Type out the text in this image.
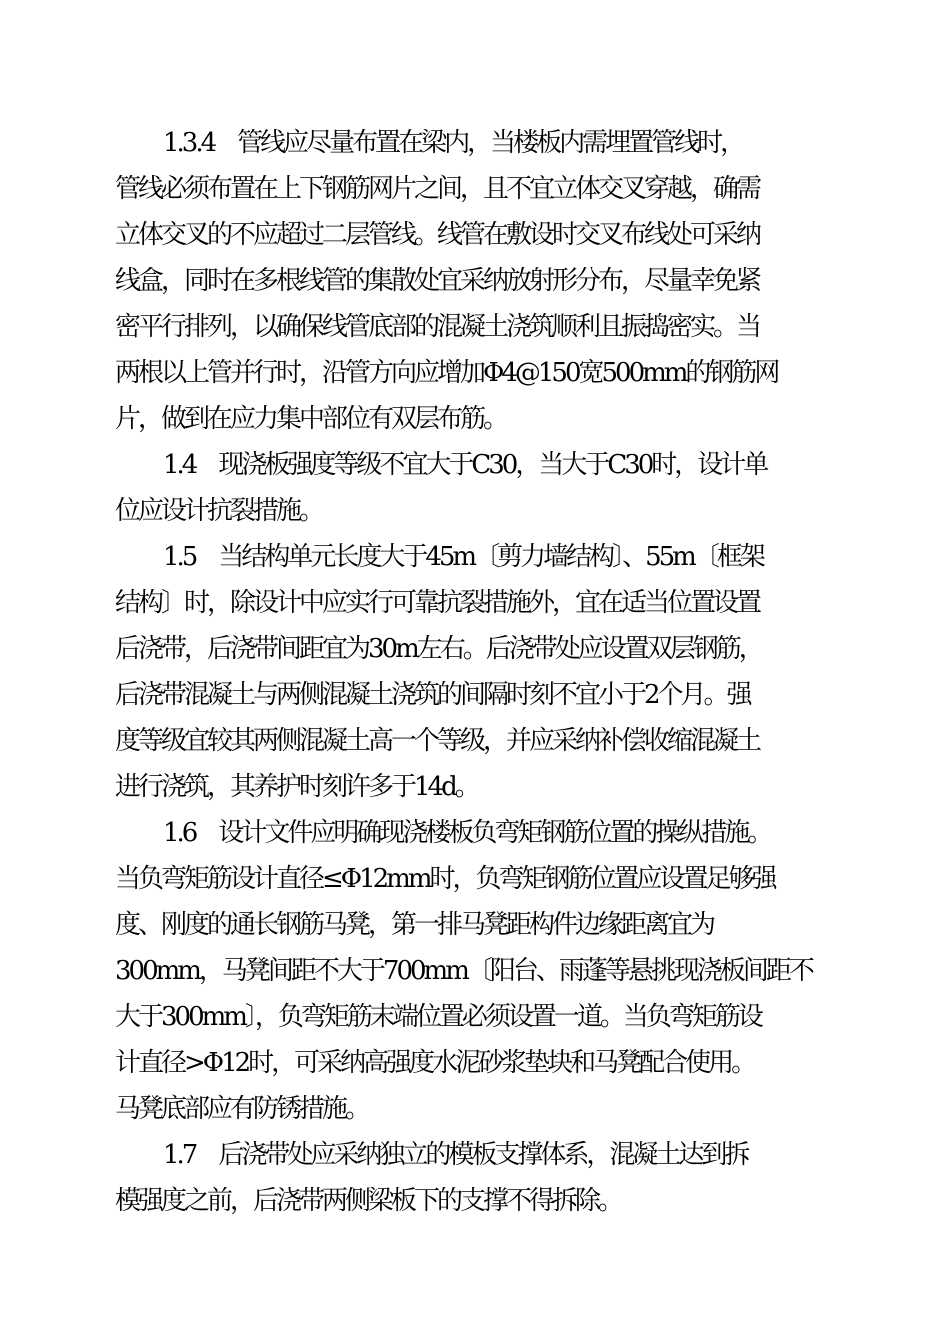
1.3.4　管线应尽量布置在梁内，当楼板内需埋置管线时，
管线必须布置在上下钢筋网片之间，且不宜立体交叉穿越，确需
立体交叉的不应超过二层管线。线管在敷设时交叉布线处可采纳
线盒，同时在多根线管的集散处宜采纳放射形分布，尽量幸免紧
密平行排列，以确保线管底部的混凝土浇筑顺利且振捣密实。当
两根以上管并行时，沿管方向应增加Φ4@150宽500mm的钢筋网
片，做到在应力集中部位有双层布筋。
1.4　现浇板强度等级不宜大于C30，当大于C30时，设计单
位应设计抗裂措施。
1.5　当结构单元长度大于45m〔剪力墙结构〕、55m〔框架
结构〕时，除设计中应实行可靠抗裂措施外，宜在适当位置设置
后浇带，后浇带间距宜为30m左右。后浇带处应设置双层钢筋，
后浇带混凝土与两侧混凝土浇筑的间隔时刻不宜小于2个月。强
度等级宜较其两侧混凝土高一个等级，并应采纳补偿收缩混凝土
进行浇筑，其养护时刻许多于14d。
1.6　设计文件应明确现浇楼板负弯矩钢筋位置的操纵措施。
当负弯矩筋设计直径≤Φ12mm时，负弯矩钢筋位置应设置足够强
度、刚度的通长钢筋马凳，第一排马凳距构件边缘距离宜为
300mm，马凳间距不大于700mm〔阳台、雨蓬等悬挑现浇板间距不
大于300mm〕，负弯矩筋末端位置必须设置一道。当负弯矩筋设
计直径>Φ12时，可采纳高强度水泥砂浆垫块和马凳配合使用。
马凳底部应有防锈措施。
1.7　后浇带处应采纳独立的模板支撑体系，混凝土达到拆
模强度之前，后浇带两侧梁板下的支撑不得拆除。
